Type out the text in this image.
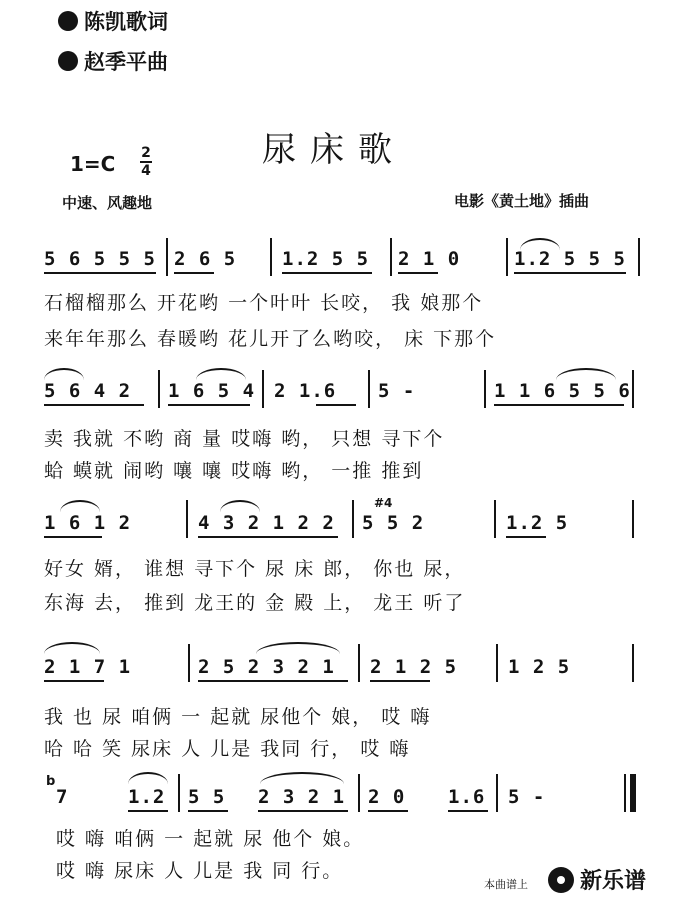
陈凯歌词
赵季平曲
尿床歌
1=C 2
4
中速、风趣地	电影《黄土地》插曲
5 6 5 5 5 2 6 5 1.2 5 5 2 1 0	1.2 5 5 5
石榴榴那么 开花哟 一个叶叶 长咬， 我 娘那个
来年年那么 春暖哟 花儿开了么哟咬， 床 下那个
5 6 4 2 1 6 5 4 2 1.6 5 -	1 1 6 5 5 6
卖 我就 不哟 商 量 哎嗨 哟， 只想 寻下个
蛤 蟆就 闹哟 嚷 嚷 哎嗨 哟， 一推 推到
1 6 1 2	4 3 2 1 2 2 5 5 2	1.2 5
#4
好女 婿， 谁想 寻下个 尿 床 郎， 你也 尿，
东海 去， 推到 龙王的 金 殿 上， 龙王 听了
2 1 7 1	2 5 2 3 2 1 2 1 2 5	1 2 5
我 也 尿 咱俩 一 起就 尿他个 娘， 哎 嗨
哈 哈 笑 尿床 人 儿是 我同 行， 哎 嗨
7	1.2 5 5 2 3 2 1 2 0 1.6 5 -
b
哎 嗨 咱俩 一 起就 尿 他个 娘。
哎 嗨 尿床 人 儿是 我 同 行。
本曲谱上 新乐谱
